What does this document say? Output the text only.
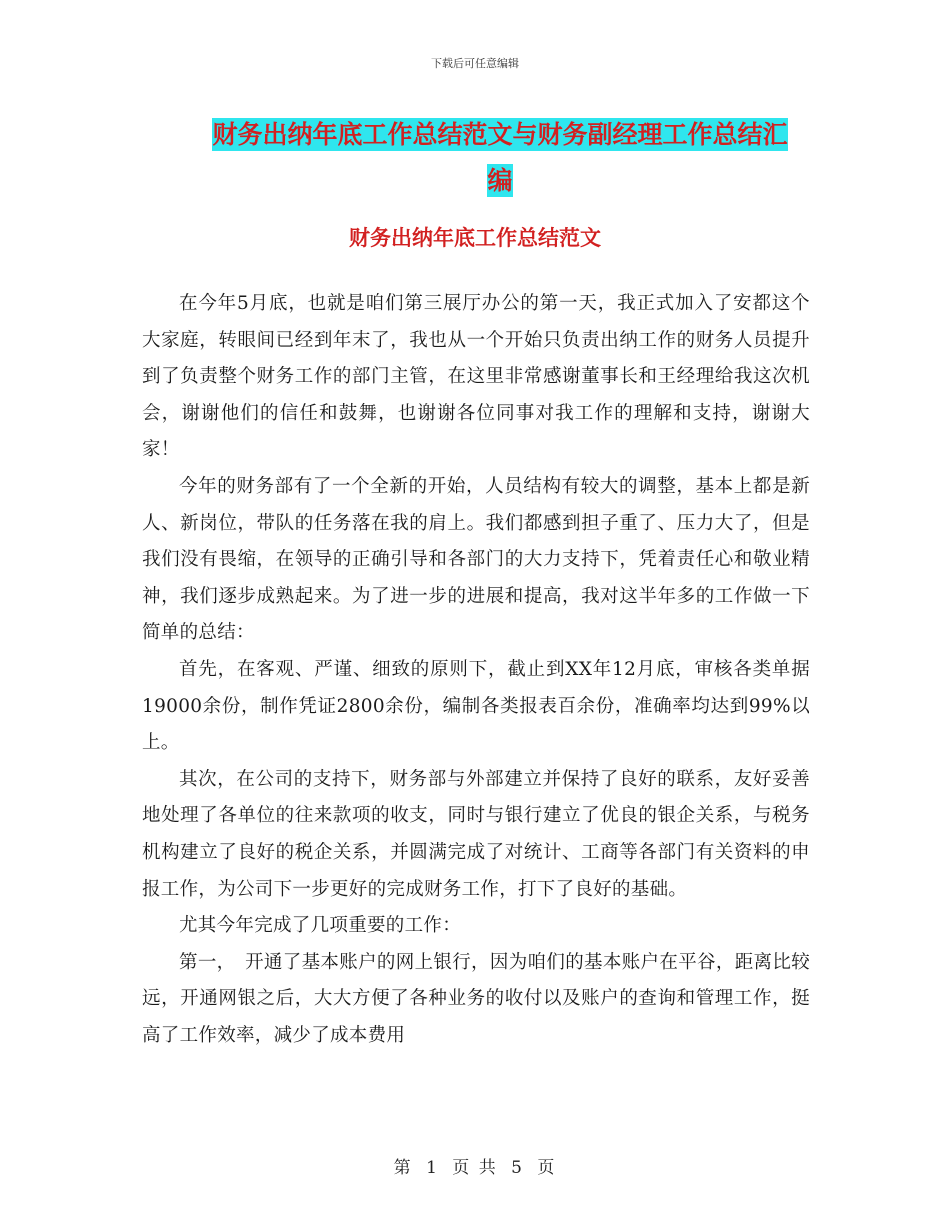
下载后可任意编辑
财务出纳年底工作总结范文与财务副经理工作总结汇
编
财务出纳年底工作总结范文

在今年5月底，也就是咱们第三展厅办公的第一天，我正式加入了安都这个大家庭，转眼间已经到年末了，我也从一个开始只负责出纳工作的财务人员提升到了负责整个财务工作的部门主管，在这里非常感谢董事长和王经理给我这次机会，谢谢他们的信任和鼓舞，也谢谢各位同事对我工作的理解和支持，谢谢大家！

今年的财务部有了一个全新的开始，人员结构有较大的调整，基本上都是新人、新岗位，带队的任务落在我的肩上。我们都感到担子重了、压力大了，但是我们没有畏缩，在领导的正确引导和各部门的大力支持下，凭着责任心和敬业精神，我们逐步成熟起来。为了进一步的进展和提高，我对这半年多的工作做一下简单的总结：

首先，在客观、严谨、细致的原则下，截止到XX年12月底，审核各类单据19000余份，制作凭证2800余份，编制各类报表百余份，准确率均达到99%以上。

其次，在公司的支持下，财务部与外部建立并保持了良好的联系，友好妥善地处理了各单位的往来款项的收支，同时与银行建立了优良的银企关系，与税务机构建立了良好的税企关系，并圆满完成了对统计、工商等各部门有关资料的申报工作，为公司下一步更好的完成财务工作，打下了良好的基础。

尤其今年完成了几项重要的工作：

第一，　开通了基本账户的网上银行，因为咱们的基本账户在平谷，距离比较远，开通网银之后，大大方便了各种业务的收付以及账户的查询和管理工作，挺高了工作效率，减少了成本费用

第 1 页 共 5 页
